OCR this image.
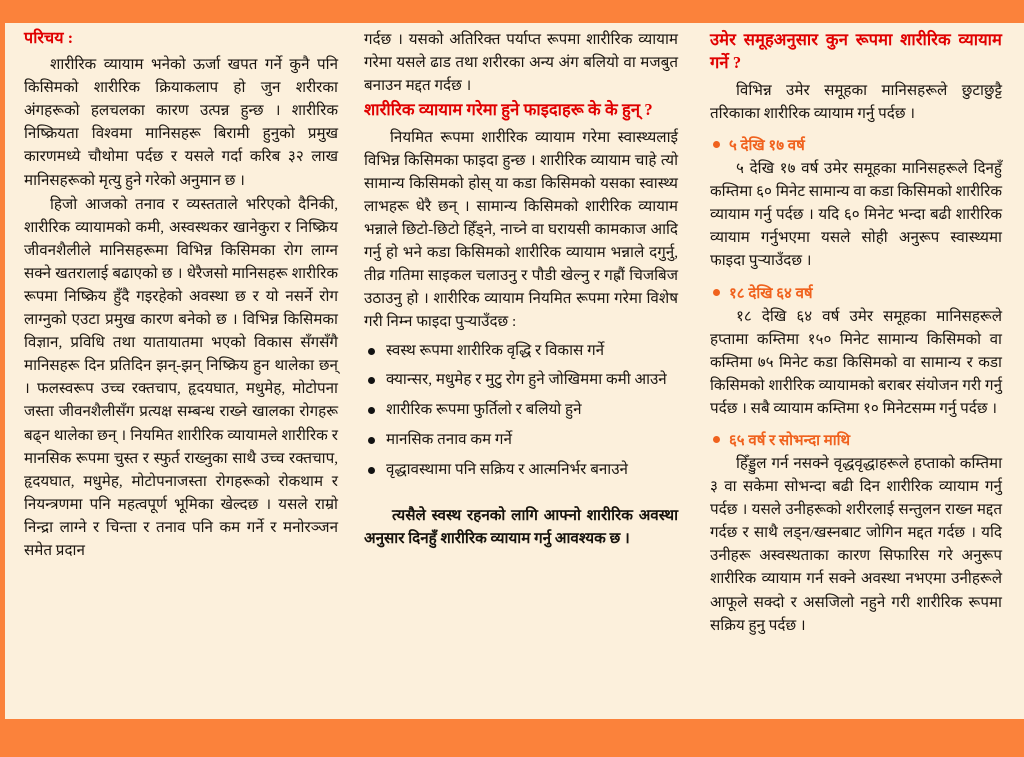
परिचय :

शारीरिक व्यायाम भनेको ऊर्जा खपत गर्ने कुनै पनि किसिमको शारीरिक क्रियाकलाप हो जुन शरीरका अंगहरूको हलचलका कारण उत्पन्न हुन्छ । शारीरिक निष्क्रियता विश्वमा मानिसहरू बिरामी हुनुको प्रमुख कारणमध्ये चौथोमा पर्दछ र यसले गर्दा करिब ३२ लाख मानिसहरूको मृत्यु हुने गरेको अनुमान छ ।

हिजो आजको तनाव र व्यस्तताले भरिएको दैनिकी, शारीरिक व्यायामको कमी, अस्वस्थकर खानेकुरा र निष्क्रिय जीवनशैलीले मानिसहरूमा विभिन्न किसिमका रोग लाग्न सक्ने खतरालाई बढाएको छ । धेरैजसो मानिसहरू शारीरिक रूपमा निष्क्रिय हुँदै गइरहेको अवस्था छ र यो नसर्ने रोग लाग्नुको एउटा प्रमुख कारण बनेको छ । विभिन्न किसिमका विज्ञान, प्रविधि तथा यातायातमा भएको विकास सँगसँगै मानिसहरू दिन प्रतिदिन झन्-झन् निष्क्रिय हुन थालेका छन् । फलस्वरूप उच्च रक्तचाप, हृदयघात, मधुमेह, मोटोपना जस्ता जीवनशैलीसँग प्रत्यक्ष सम्बन्ध राख्ने खालका रोगहरू बढ्न थालेका छन् । नियमित शारीरिक व्यायामले शारीरिक र मानसिक रूपमा चुस्त र स्फुर्त राख्नुका साथै उच्च रक्तचाप, हृदयघात, मधुमेह, मोटोपनाजस्ता रोगहरूको रोकथाम र नियन्त्रणमा पनि महत्वपूर्ण भूमिका खेल्दछ । यसले राम्रो निन्द्रा लाग्ने र चिन्ता र तनाव पनि कम गर्ने र मनोरञ्जन समेत प्रदान

गर्दछ । यसको अतिरिक्त पर्याप्त रूपमा शारीरिक व्यायाम गरेमा यसले ढाड तथा शरीरका अन्य अंग बलियो वा मजबुत बनाउन मद्दत गर्दछ ।

शारीरिक व्यायाम गरेमा हुने फाइदाहरू के के हुन् ?

नियमित रूपमा शारीरिक व्यायाम गरेमा स्वास्थ्यलाई विभिन्न किसिमका फाइदा हुन्छ । शारीरिक व्यायाम चाहे त्यो सामान्य किसिमको होस् या कडा किसिमको यसका स्वास्थ्य लाभहरू धेरै छन् । सामान्य किसिमको शारीरिक व्यायाम भन्नाले छिटो-छिटो हिँड्ने, नाच्ने वा घरायसी कामकाज आदि गर्नु हो भने कडा किसिमको शारीरिक व्यायाम भन्नाले दगुर्नु, तीव्र गतिमा साइकल चलाउनु र पौडी खेल्नु र गह्रौं चिजबिज उठाउनु हो । शारीरिक व्यायाम नियमित रूपमा गरेमा विशेष गरी निम्न फाइदा पुऱ्याउँदछ :

स्वस्थ रूपमा शारीरिक वृद्धि र विकास गर्ने
क्यान्सर, मधुमेह र मुटु रोग हुने जोखिममा कमी आउने
शारीरिक रूपमा फुर्तिलो र बलियो हुने
मानसिक तनाव कम गर्ने
वृद्धावस्थामा पनि सक्रिय र आत्मनिर्भर बनाउने

त्यसैले स्वस्थ रहनको लागि आफ्नो शारीरिक अवस्था अनुसार दिनहुँ शारीरिक व्यायाम गर्नु आवश्यक छ ।

उमेर समूहअनुसार कुन रूपमा शारीरिक व्यायाम गर्ने ?

विभिन्न उमेर समूहका मानिसहरूले छुटाछुट्टै तरिकाका शारीरिक व्यायाम गर्नु पर्दछ ।

५ देखि १७ वर्ष

५ देखि १७ वर्ष उमेर समूहका मानिसहरूले दिनहुँ कम्तिमा ६० मिनेट सामान्य वा कडा किसिमको शारीरिक व्यायाम गर्नु पर्दछ । यदि ६० मिनेट भन्दा बढी शारीरिक व्यायाम गर्नुभएमा यसले सोही अनुरूप स्वास्थ्यमा फाइदा पुऱ्याउँदछ ।

१८ देखि ६४ वर्ष

१८ देखि ६४ वर्ष उमेर समूहका मानिसहरूले हप्तामा कम्तिमा १५० मिनेट सामान्य किसिमको वा कम्तिमा ७५ मिनेट कडा किसिमको वा सामान्य र कडा किसिमको शारीरिक व्यायामको बराबर संयोजन गरी गर्नु पर्दछ । सबै व्यायाम कम्तिमा १० मिनेटसम्म गर्नु पर्दछ ।

६५ वर्ष र सोभन्दा माथि

हिँड्डुल गर्न नसक्ने वृद्धवृद्धाहरूले हप्ताको कम्तिमा ३ वा सकेमा सोभन्दा बढी दिन शारीरिक व्यायाम गर्नु पर्दछ । यसले उनीहरूको शरीरलाई सन्तुलन राख्न मद्दत गर्दछ र साथै लड्न/खस्नबाट जोगिन मद्दत गर्दछ । यदि उनीहरू अस्वस्थताका कारण सिफारिस गरे अनुरूप शारीरिक व्यायाम गर्न सक्ने अवस्था नभएमा उनीहरूले आफूले सक्दो र असजिलो नहुने गरी शारीरिक रूपमा सक्रिय हुनु पर्दछ ।
